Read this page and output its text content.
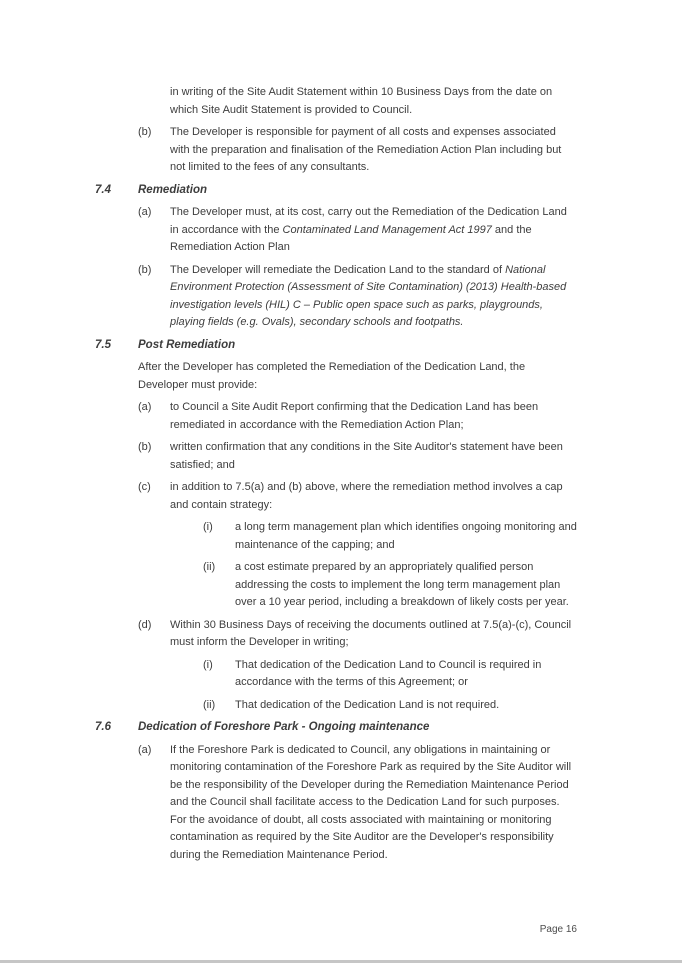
in writing of the Site Audit Statement within 10 Business Days from the date on which Site Audit Statement is provided to Council.

(b)	The Developer is responsible for payment of all costs and expenses associated with the preparation and finalisation of the Remediation Action Plan including but not limited to the fees of any consultants.
7.4	Remediation
(a)	The Developer must, at its cost, carry out the Remediation of the Dedication Land in accordance with the Contaminated Land Management Act 1997 and the Remediation Action Plan
(b)	The Developer will remediate the Dedication Land to the standard of National Environment Protection (Assessment of Site Contamination) (2013) Health-based investigation levels (HIL) C – Public open space such as parks, playgrounds, playing fields (e.g. Ovals), secondary schools and footpaths.
7.5	Post Remediation

After the Developer has completed the Remediation of the Dedication Land, the Developer must provide:

(a)	to Council a Site Audit Report confirming that the Dedication Land has been remediated in accordance with the Remediation Action Plan;
(b)	written confirmation that any conditions in the Site Auditor's statement have been satisfied; and
(c)	in addition to 7.5(a) and (b) above, where the remediation method involves a cap and contain strategy:
(i)	a long term management plan which identifies ongoing monitoring and maintenance of the capping; and
(ii)	a cost estimate prepared by an appropriately qualified person addressing the costs to implement the long term management plan over a 10 year period, including a breakdown of likely costs per year.
(d)	Within 30 Business Days of receiving the documents outlined at 7.5(a)-(c), Council must inform the Developer in writing;
(i)	That dedication of the Dedication Land to Council is required in accordance with the terms of this Agreement; or
(ii)	That dedication of the Dedication Land is not required.
7.6	Dedication of Foreshore Park - Ongoing maintenance
(a)	If the Foreshore Park is dedicated to Council, any obligations in maintaining or monitoring contamination of the Foreshore Park as required by the Site Auditor will be the responsibility of the Developer during the Remediation Maintenance Period and the Council shall facilitate access to the Dedication Land for such purposes. For the avoidance of doubt, all costs associated with maintaining or monitoring contamination as required by the Site Auditor are the Developer's responsibility during the Remediation Maintenance Period.
Page 16
